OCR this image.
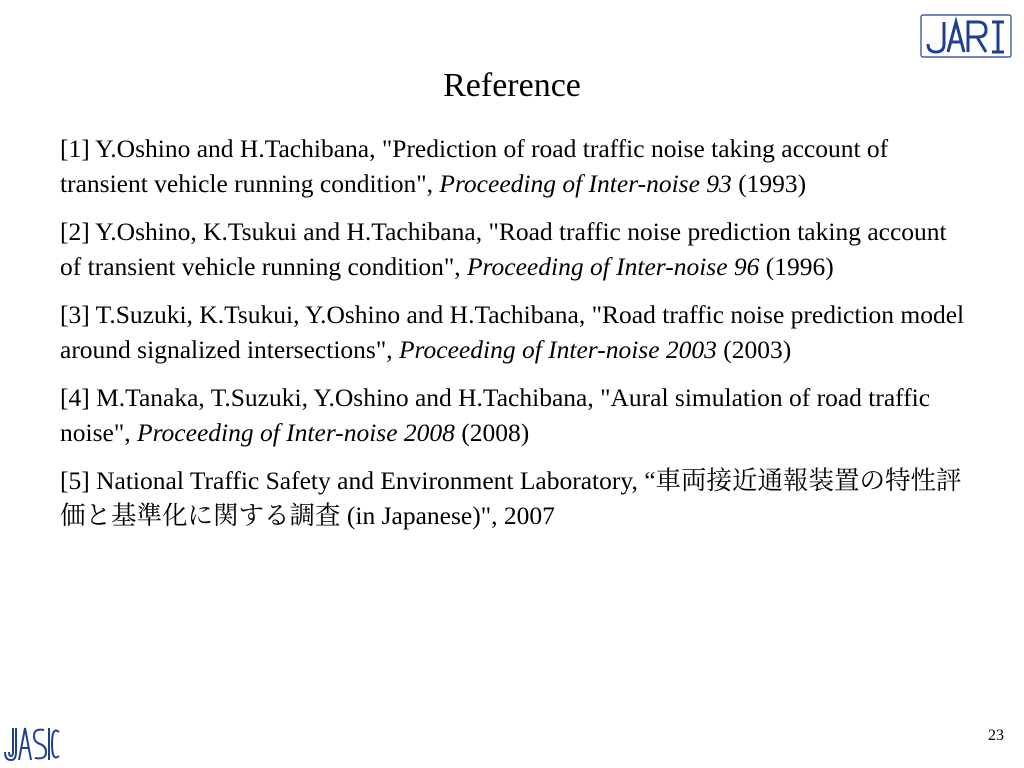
Reference
[1] Y.Oshino and H.Tachibana, "Prediction of road traffic noise taking account of transient vehicle running condition", Proceeding of Inter-noise 93 (1993)
[2] Y.Oshino, K.Tsukui and H.Tachibana, "Road traffic noise prediction taking account of transient vehicle running condition", Proceeding of Inter-noise 96 (1996)
[3] T.Suzuki, K.Tsukui, Y.Oshino and H.Tachibana, "Road traffic noise prediction model around signalized intersections", Proceeding of Inter-noise 2003 (2003)
[4] M.Tanaka, T.Suzuki, Y.Oshino and H.Tachibana, "Aural simulation of road traffic noise", Proceeding of Inter-noise 2008 (2008)
[5] National Traffic Safety and Environment Laboratory, “車両接近通報装置の特性評価と基準化に関する調査 (in Japanese)", 2007
23
